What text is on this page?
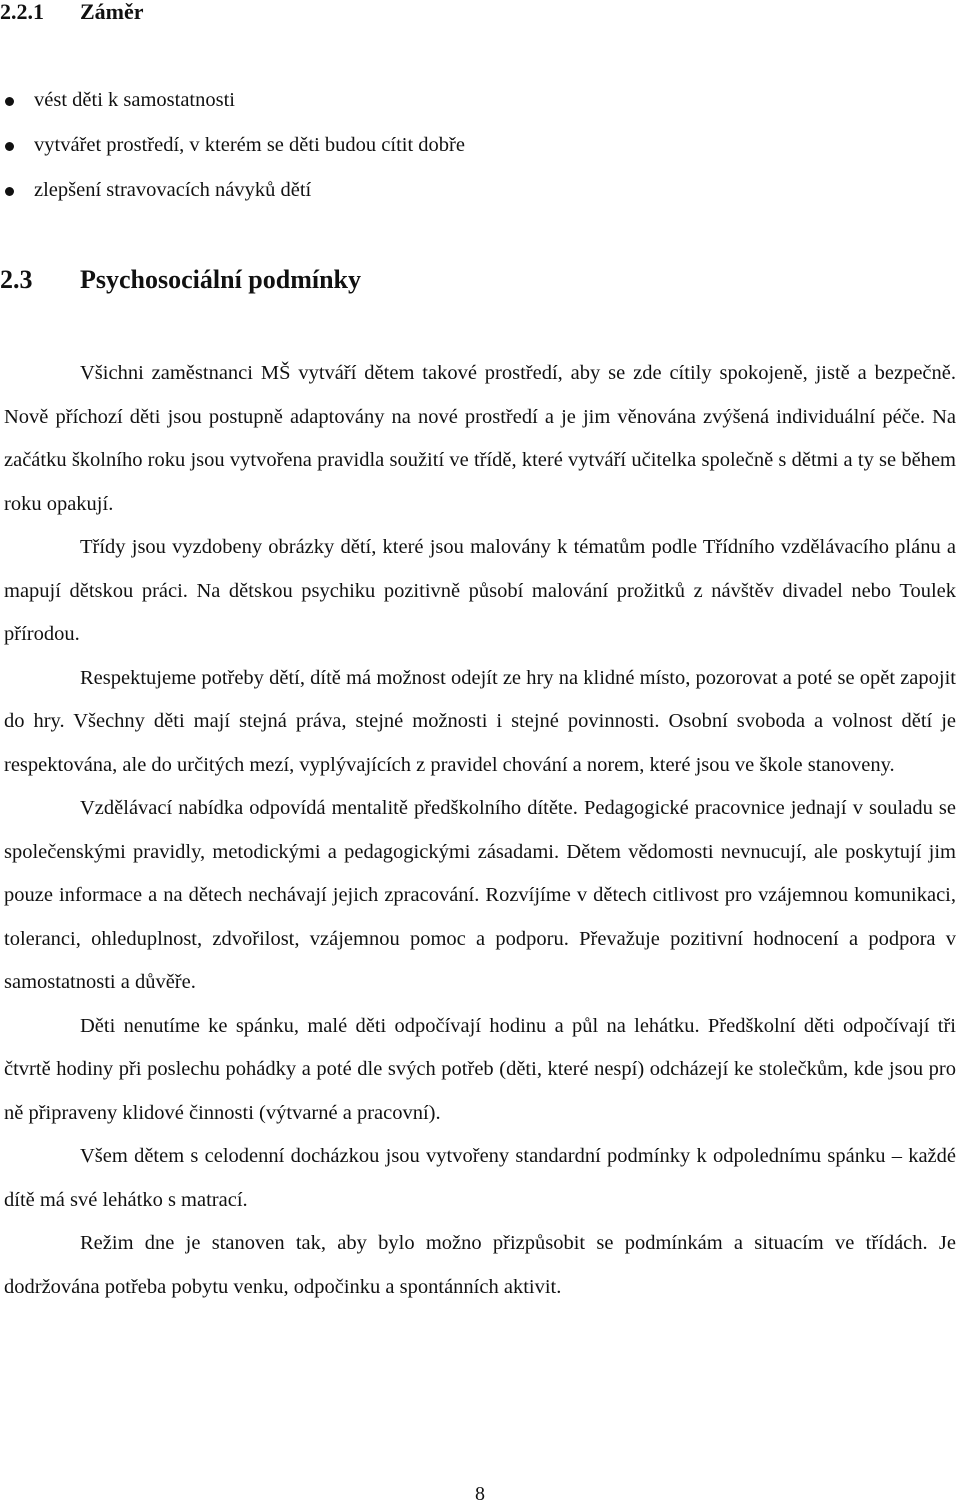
2.2.1 Záměr
vést děti k samostatnosti
vytvářet prostředí, v kterém se děti budou cítit dobře
zlepšení stravovacích návyků dětí
2.3 Psychosociální podmínky

Všichni zaměstnanci MŠ vytváří dětem takové prostředí, aby se zde cítily spokojeně, jistě a bezpečně. Nově příchozí děti jsou postupně adaptovány na nové prostředí a je jim věnována zvýšená individuální péče. Na začátku školního roku jsou vytvořena pravidla soužití ve třídě, které vytváří učitelka společně s dětmi a ty se během roku opakují.

Třídy jsou vyzdobeny obrázky dětí, které jsou malovány k tématům podle Třídního vzdělávacího plánu a mapují dětskou práci. Na dětskou psychiku pozitivně působí malování prožitků z návštěv divadel nebo Toulek přírodou.

Respektujeme potřeby dětí, dítě má možnost odejít ze hry na klidné místo, pozorovat a poté se opět zapojit do hry. Všechny děti mají stejná práva, stejné možnosti i stejné povinnosti. Osobní svoboda a volnost dětí je respektována, ale do určitých mezí, vyplývajících z pravidel chování a norem, které jsou ve škole stanoveny.

Vzdělávací nabídka odpovídá mentalitě předškolního dítěte. Pedagogické pracovnice jednají v souladu se společenskými pravidly, metodickými a pedagogickými zásadami. Dětem vědomosti nevnucují, ale poskytují jim pouze informace a na dětech nechávají jejich zpracování. Rozvíjíme v dětech citlivost pro vzájemnou komunikaci, toleranci, ohleduplnost, zdvořilost, vzájemnou pomoc a podporu. Převažuje pozitivní hodnocení a podpora v samostatnosti a důvěře.

Děti nenutíme ke spánku, malé děti odpočívají hodinu a půl na lehátku. Předškolní děti odpočívají tři čtvrtě hodiny při poslechu pohádky a poté dle svých potřeb (děti, které nespí) odcházejí ke stolečkům, kde jsou pro ně připraveny klidové činnosti (výtvarné a pracovní).

Všem dětem s celodenní docházkou jsou vytvořeny standardní podmínky k odpolednímu spánku – každé dítě má své lehátko s matrací.

Režim dne je stanoven tak, aby bylo možno přizpůsobit se podmínkám a situacím ve třídách. Je dodržována potřeba pobytu venku, odpočinku a spontánních aktivit.

8
